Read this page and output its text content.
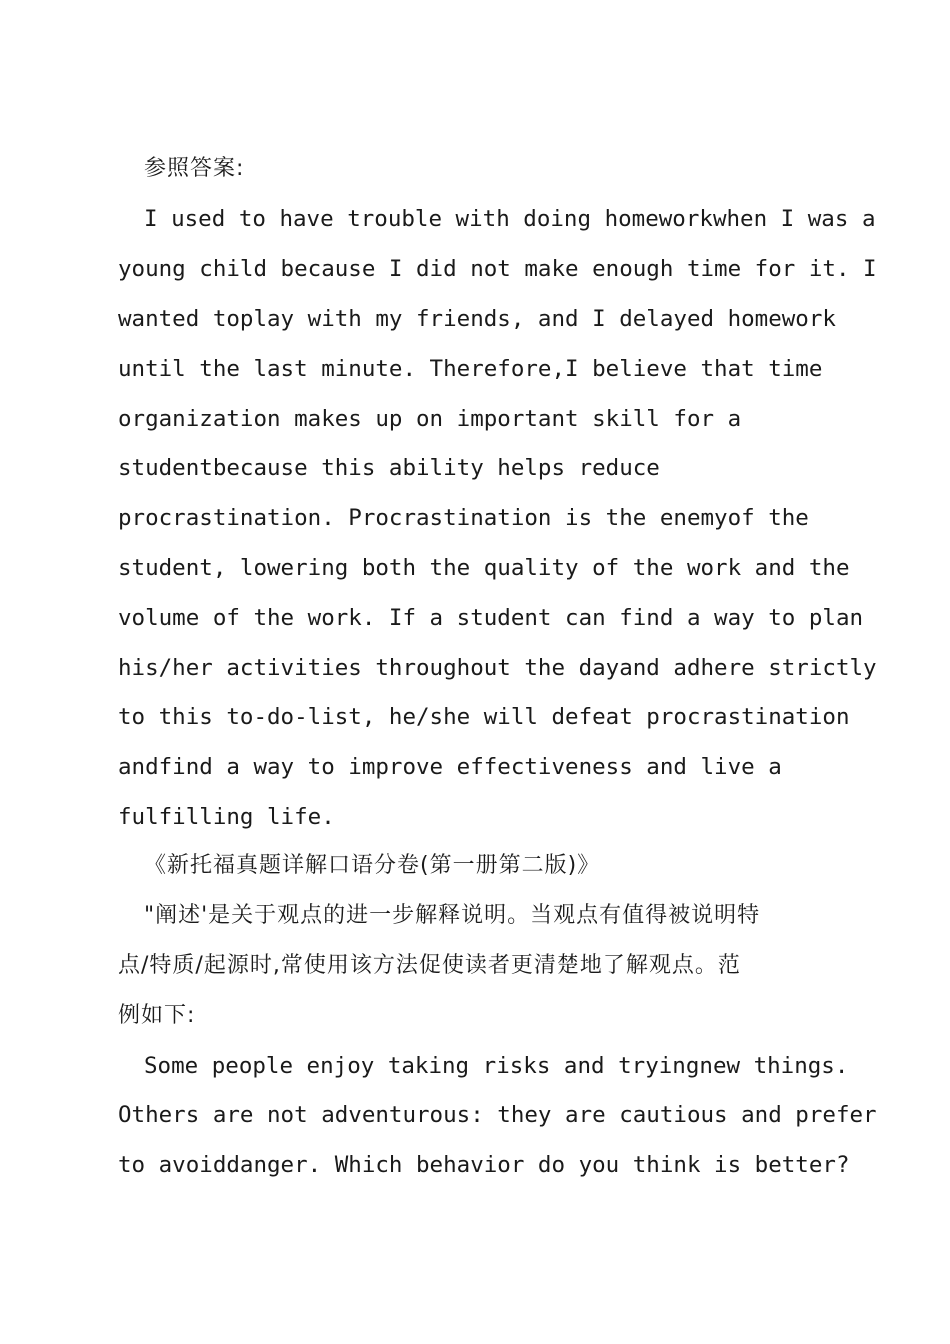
参照答案:
I used to have trouble with doing homeworkwhen I was a
young child because I did not make enough time for it. I
wanted toplay with my friends, and I delayed homework
until the last minute. Therefore,I believe that time
organization makes up on important skill for a
studentbecause this ability helps reduce
procrastination. Procrastination is the enemyof the
student, lowering both the quality of the work and the
volume of the work. If a student can find a way to plan
his/her activities throughout the dayand adhere strictly
to this to-do-list, he/she will defeat procrastination
andfind a way to improve effectiveness and live a
fulfilling life.
《新托福真题详解口语分卷(第一册第二版)》
"阐述'是关于观点的进一步解释说明。当观点有值得被说明特
点/特质/起源时,常使用该方法促使读者更清楚地了解观点。范
例如下:
Some people enjoy taking risks and tryingnew things.
Others are not adventurous: they are cautious and prefer
to avoiddanger. Which behavior do you think is better?
